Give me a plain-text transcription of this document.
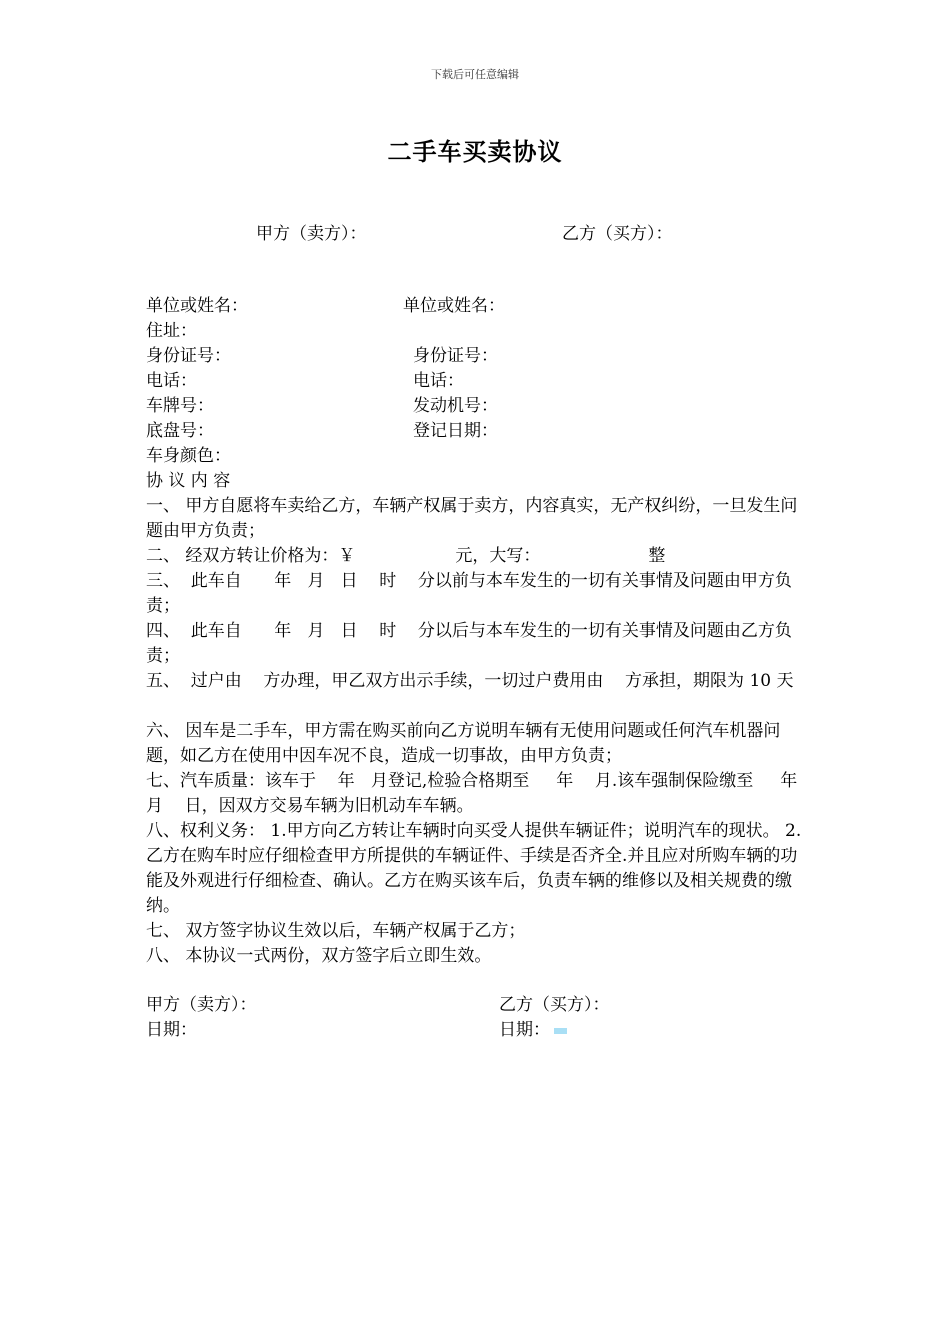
下载后可任意编辑
二手车买卖协议
甲方（卖方）：	乙方（买方）：
单位或姓名：	单位或姓名：
住址：
身份证号：	身份证号：
电话：	电话：
车牌号：	发动机号：
底盘号：	登记日期：
车身颜色：
协 议 内 容
一、 甲方自愿将车卖给乙方，车辆产权属于卖方，内容真实，无产权纠纷，一旦发生问题由甲方负责；
二、 经双方转让价格为：￥	元，大写：	整
三、  此车自      年   月   日    时    分以前与本车发生的一切有关事情及问题由甲方负责；
四、  此车自      年   月   日    时    分以后与本车发生的一切有关事情及问题由乙方负责；
五、  过户由    方办理，甲乙双方出示手续，一切过户费用由    方承担，期限为 10 天
六、 因车是二手车，甲方需在购买前向乙方说明车辆有无使用问题或任何汽车机器问题，如乙方在使用中因车况不良，造成一切事故，由甲方负责；
七、汽车质量：该车于    年   月登记,检验合格期至     年    月.该车强制保险缴至     年    月    日，因双方交易车辆为旧机动车车辆。
八、权利义务： 1.甲方向乙方转让车辆时向买受人提供车辆证件；说明汽车的现状。 2.乙方在购车时应仔细检查甲方所提供的车辆证件、手续是否齐全.并且应对所购车辆的功能及外观进行仔细检查、确认。乙方在购买该车后，负责车辆的维修以及相关规费的缴纳。
七、 双方签字协议生效以后，车辆产权属于乙方；
八、 本协议一式两份，双方签字后立即生效。
甲方（卖方）：	乙方（买方）：
日期：	日期：
